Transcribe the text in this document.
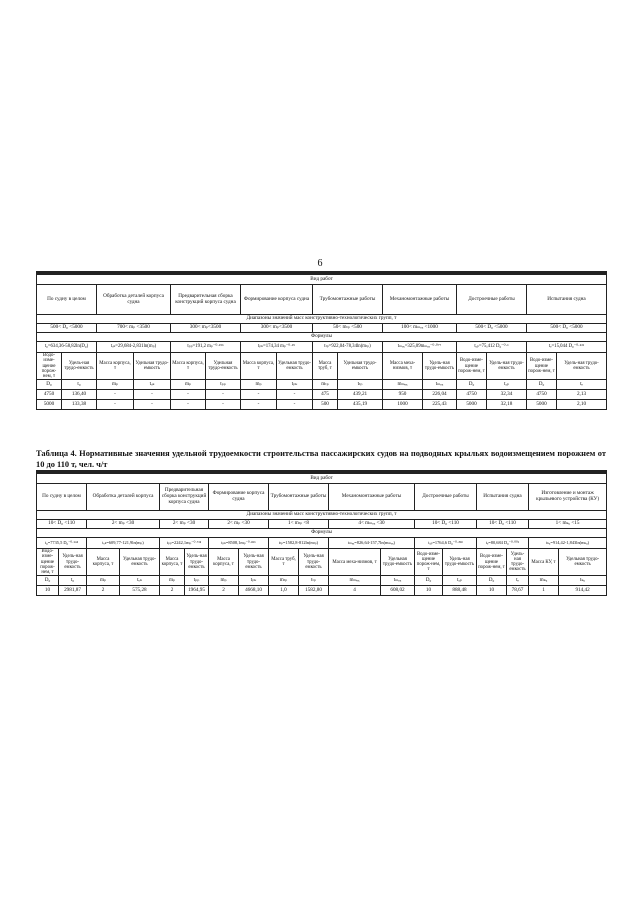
6

Вид работ															
По судну в целом		Обработка деталей корпуса судна		Предварительная сборка конструкций корпуса судна		Формирование корпуса судна		Трубомонтажные работы		Механомонтажные работы		Достроечные работы		Испытания судна	
Диапазоны значений масс конструктивно-технологических групп, т															
500< D₀ <5000		700< mₚ <3500		300< mₚ<3500		300< mₚ<3500		50< mₜₚ <500		100< mₘₑₓ <1000		500< D₀ <5000		500< D₀ <5000	
Формулы															
t₀=634,36-58,82ln(D₀)		tₒₖ=29,684-2,831ln(mₚ)		tₚₚ=191,2 mₚ⁻⁰·³⁵⁶		tₚₖ=174,34 mₚ⁻⁰·³⁵		tₜₚ=922,04-78,34ln(mₜₚ)		tₘₑₓ=325,09mₘₑₓ⁻⁰·⁰⁷⁷		tₐₚ=75,412 D₀⁻⁰·¹		tₑ=15,044 D₀⁻⁰·²³¹	
Водо-изме-щение порож-нем, т	Удель-ная трудо-емкость	Масса корпуса, т	Удельная трудо-емкость	Масса корпуса, т	Удельная трудо-емкость	Масса корпуса, т	Удельная трудо-емкость	Масса труб, т	Удельная трудо-емкость	Масса меха-низмов, т	Удель-ная трудо-емкость	Водо-изме-щение порож-нем, т	Удель-ная трудо-емкость	Водо-изме-щение порож-нем, т	Удель-ная трудо-емкость
D₀	t₀	mₚ	tₒₖ	mₚ	tₚₚ	mₚ	tₚₖ	mₜₚ	tₜₚ	mₘₑₓ	tₘₑₓ	D₀	tₐₚ	D₀	tₑ
4750	136,40	-	-	-	-	-	-	475	439,21	950	226,04	4750	32,34	4750	2,13
5000	133,38	-	-	-	-	-	-	500	435,19	1000	225,43	5000	32,18	5000	2,10
Таблица 4. Нормативные значения удельной трудоемкости строительства пассажирских судов на подводных крыльях водоизмещением порожнем от 10 до 110 т, чел. ч/т

Вид работ																	
По судну в целом		Обработка деталей корпуса		Предварительная сборка конструкций корпуса судна		Формирование корпуса судна		Трубомонтажные работы		Механомонтажные работы		Достроечные работы		Испытания судна		Изготовление и монтаж крыльевого устройства (КУ)	
Диапазоны значений масс конструктивно-технологических групп, т																	
10< D₀ <110		2< mₚ <30		2< mₚ <30		2< mₚ <30		1< mₜₚ <8		4< mₘₑₓ <30		10< D₀ <110		10< D₀ <110		1< mₖᵤ <15	
Формулы																	
t₀=7735,5 D₀⁻⁰·⁶³⁴		tₒₖ=609,77-121,9ln(mₚ)		tₚₚ=2242,1mₚ⁻⁰·⁷¹⁸		tₚₖ=8508,1mₚ⁻⁰·⁸⁶⁶		tₜₚ=1582,8-812ln(mₜₚ)		tₘₑₓ=826,64-157,7ln(mₘₑₓ)		tₐₚ=1764,6 D₀⁻⁰·²⁹⁸		tₑ=80,684 D₀⁻⁰·⁰⁰¹		tₖᵤ=914,42-1,843ln(mₖᵤ)	
Водо-изме-щение порож-нем, т	Удель-ная трудо-емкость	Масса корпуса, т	Удельная трудо-емкость	Масса корпуса, т	Удель-ная трудо-емкость	Масса корпуса, т	Удель-ная трудо-емкость	Масса труб, т	Удель-ная трудо-емкость	Масса меха-низмов, т	Удельная трудо-емкость	Водо-изме-щение порож-нем, т	Удель-ная трудо-емкость	Водо-изме-щение порож-нем, т	Удель-ная трудо-емкость	Масса КУ, т	Удельная трудо-емкость
D₀	t₀	mₚ	tₒₖ	mₚ	tₚₚ	mₚ	tₚₖ	mₜₚ	tₜₚ	mₘₑₓ	tₘₑₓ	D₀	tₐₚ	D₀	tₑ	mₖᵤ	tₖᵤ
10	2981,87	2	575,28	2	1964,95	2	4668,10	1,0	1582,80	4	608,02	10	888,48	10	78,67	1	914,42
